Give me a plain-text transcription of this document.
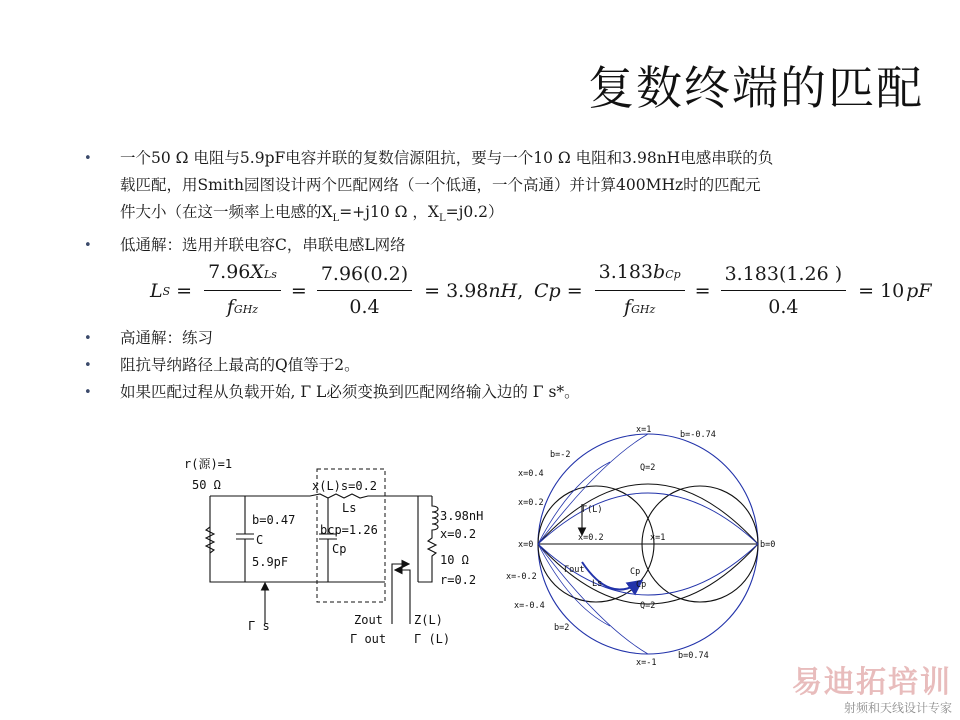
复数终端的匹配
• 一个50 Ω 电阻与5.9pF电容并联的复数信源阻抗，要与一个10 Ω 电阻和3.98nH电感串联的负
载匹配，用Smith园图设计两个匹配网络（一个低通，一个高通）并计算400MHz时的匹配元
件大小（在这一频率上电感的$X_L=+j10$ Ω ，$X_L=j0.2$）
• 低通解：选用并联电容C，串联电感L网络
L $S = \frac{\text{7.96XLs}}{\text{fGHz}} = \frac{7.96(0.2)}{0.4} = 3.98$ nH , $Cp = \frac{\text{3.183bCp}}{\text{fGHz}} = \frac{3.183(1.26 )}{0.4} = 10$
  pF
• 高通解：练习
• 阻抗导纳路径上最高的Q值等于2。
• 如果匹配过程从负载开始, Γ L必须变换到匹配网络输入边的 Γ s*。
r(源)=1
50 Ω
b=0.47
C
5.9pF
Γ s
x(L)s=0.2
Ls
bcp=1.26
Cp
Zout
Γ out
Z(L)
Γ (L)
3.98nH
x=0.2
10 Ω
r=0.2
x=1	b=-0.74
b=-2
Q=2
x=0.4
x=0.2
Γ(L)
x=0
x=0.2	x=1
b=0
x=-0.2
Γout
Ls
Cp
Cp
x=-0.4	Q=2
b=2
b=0.74
x=-1
易迪拓培训
射频和天线设计专家
